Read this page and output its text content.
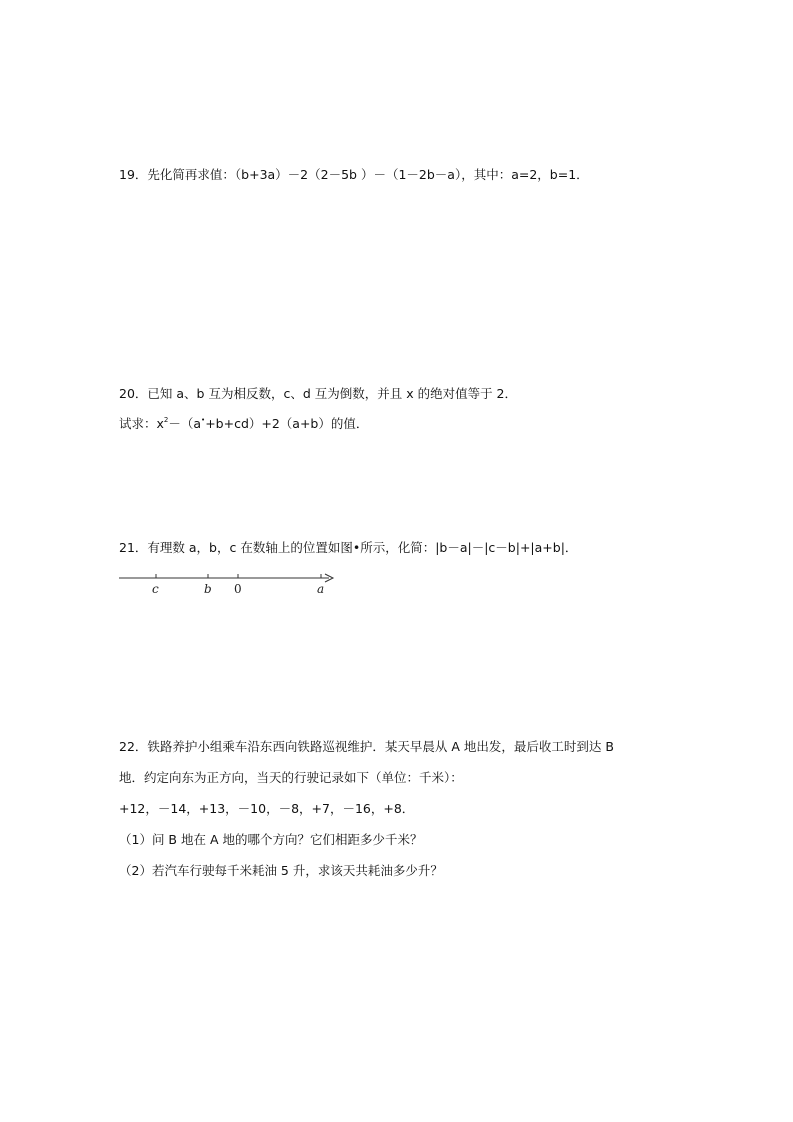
19．先化简再求值：（b+3a）－2（2－5b ）－（1－2b－a），其中：a=2，b=1．
20．已知 a、b 互为相反数，c、d 互为倒数，并且 x 的绝对值等于 2．
试求：$x^2-(a^•+b+cd)+2(a+b)$的值．
21．有理数 a，b，c 在数轴上的位置如图•所示，化简：|b－a|－|c－b|+|a+b|．
c	b 0	a
22．铁路养护小组乘车沿东西向铁路巡视维护．某天早晨从 A 地出发，最后收工时到达 B
地．约定向东为正方向，当天的行驶记录如下（单位：千米）：
+12，－14，+13，－10，－8，+7，－16，+8．
（1）问 B 地在 A 地的哪个方向？它们相距多少千米？
（2）若汽车行驶每千米耗油 5 升，求该天共耗油多少升？
